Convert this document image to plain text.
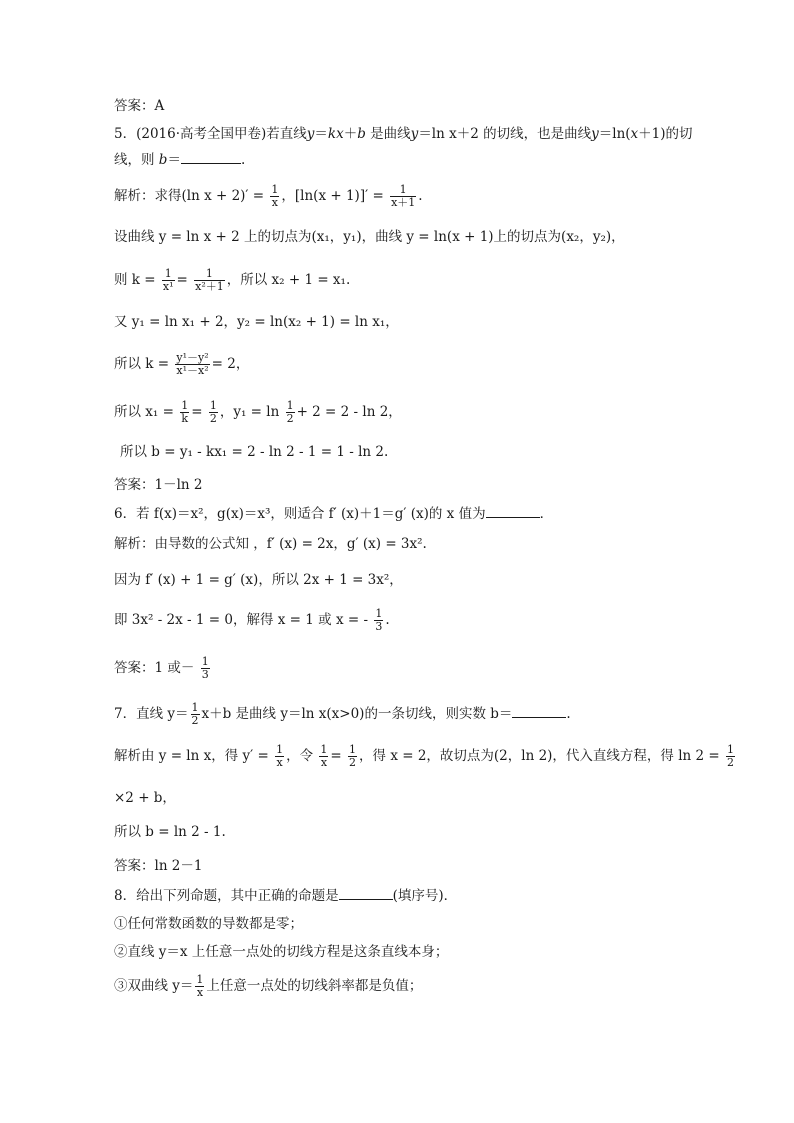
答案：A
5．(2016·高考全国甲卷)若直线y＝kx＋b 是曲线y＝ln x＋2 的切线，也是曲线y＝ln(x＋1)的切
线，则 b＝	.
解析：求得(ln $x + 2)' = \frac{1}{x}$ ，$[\ln(x + 1)]' = \frac{1}{x+1}$ .
设曲线 y = ln x + 2 上的切点为(x₁，y₁)，曲线 y = ln(x + 1)上的切点为(x₂，y₂)，
则 $k = \frac{1}{\text{x¹}} = \frac{1}{\text{x²＋1}}$ ，所以 x₂ + 1 = x₁.
又 y₁ = ln x₁ + 2，y₂ = ln(x₂ + 1) = ln x₁，
所以 $k = \frac{\text{y¹－y²}}{\text{x¹－x²}} = 2$，
所以 $x_1 = \frac{1}{k} = \frac{1}{2}$ ，$y_1 = \ln \frac{1}{2} + 2 = 2 - \ln 2$，
所以 b = y₁ - kx₁ = 2 - ln 2 - 1 = 1 - ln 2.
答案：1－ln 2
6．若 f(x)＝x²，g(x)＝x³，则适合 f′ (x)＋1＝g′ (x)的 x 值为	．
解析：由导数的公式知 ，f′ (x) = 2x，g′ (x) = 3x².
因为 f′ (x) + 1 = g′ (x)，所以 2x + 1 = 3x²，
即 3x² - 2x - 1 = 0，解得 x = 1 或 x = - $\frac{1}{3}$ .
答案：1 或－ $\frac{1}{3}$
7．直线 $y= \frac{1}{2} x+b$ 是曲线 y＝ln x(x>0)的一条切线，则实数 b＝	.
解析由 y = ln x，得 $y' = \frac{1}{x}$ ，令 $\frac{1}{x} = \frac{1}{2}$ ，得 x = 2，故切点为(2，ln 2)，代入直线方程，得 $\ln 2 = \frac{1}{2}$
×2 + b，
所以 b = ln 2 - 1.
答案：ln 2－1
8．给出下列命题，其中正确的命题是	(填序号)．
①任何常数函数的导数都是零；
②直线 y＝x 上任意一点处的切线方程是这条直线本身；
③双曲线 $y= \frac{1}{x}$ 上任意一点处的切线斜率都是负值；
